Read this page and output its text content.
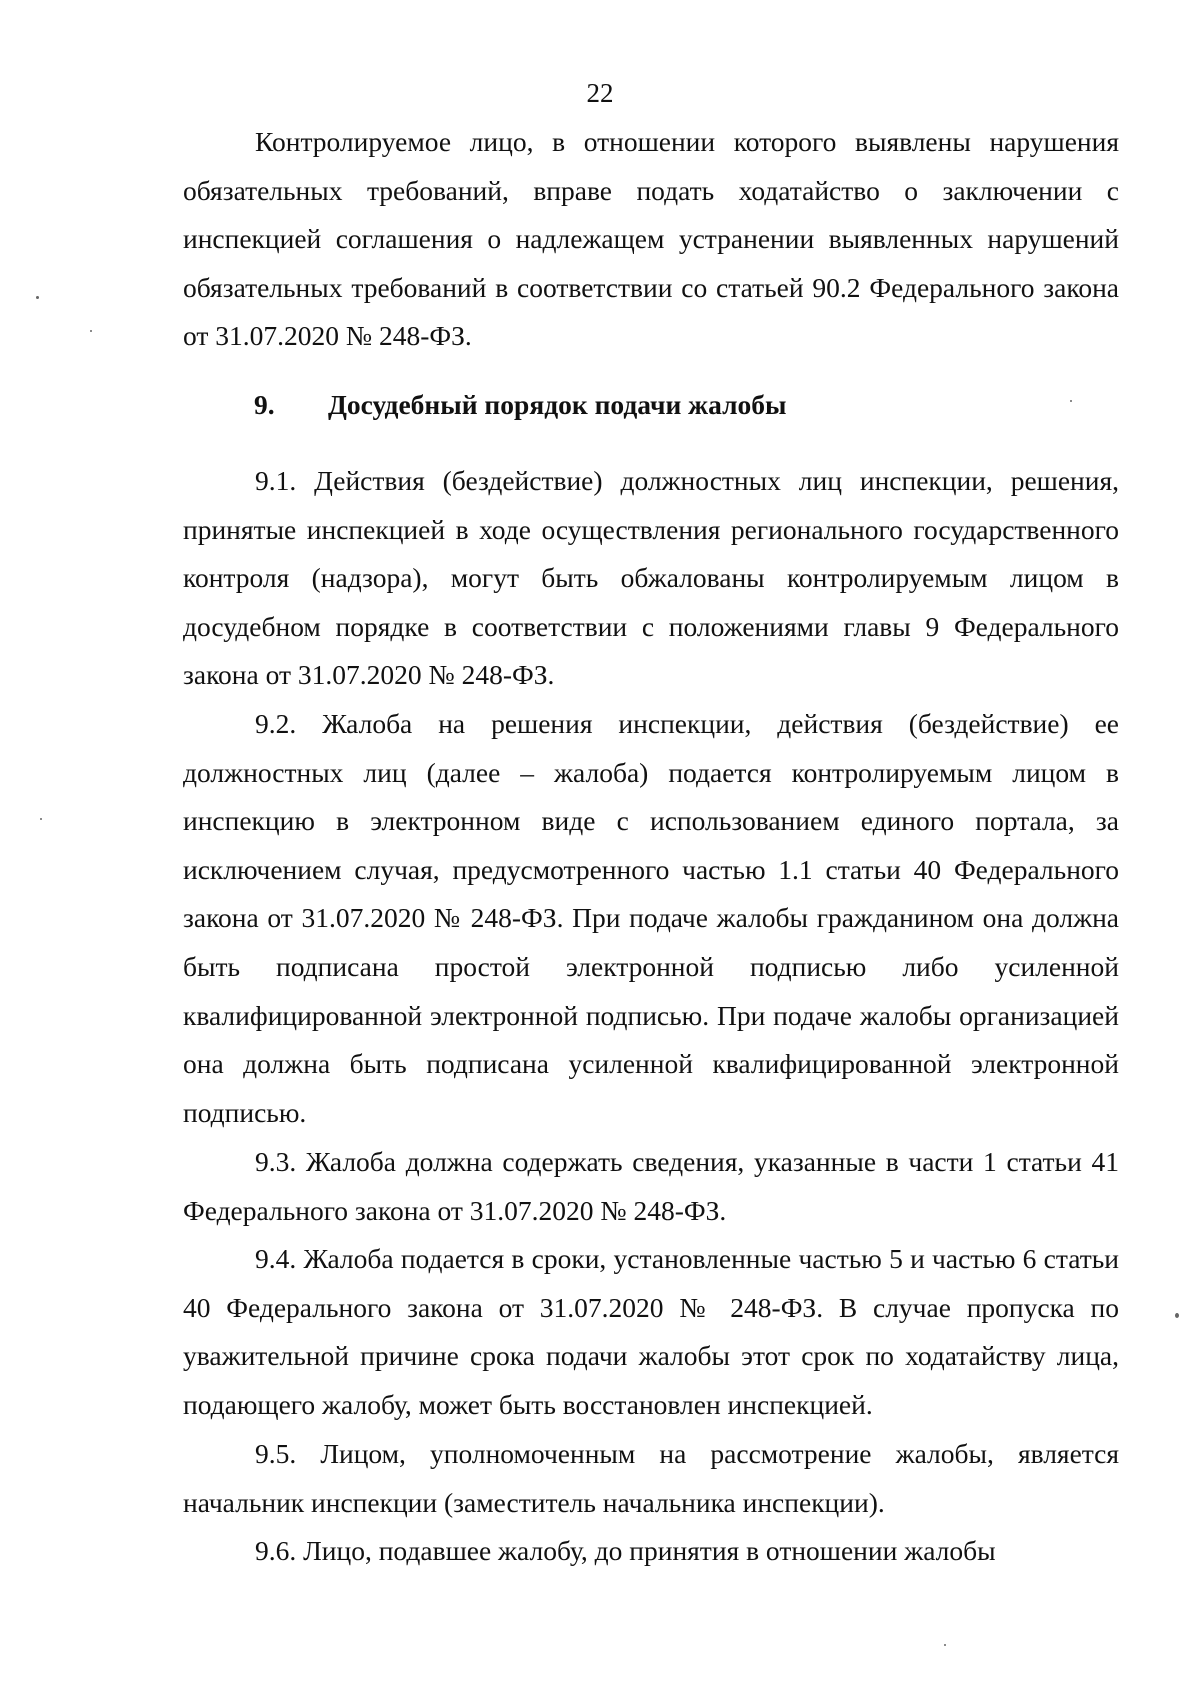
22

Контролируемое лицо, в отношении которого выявлены нарушения обязательных требований, вправе подать ходатайство о заключении с инспекцией соглашения о надлежащем устранении выявленных нарушений обязательных требований в соответствии со статьей 90.2 Федерального закона от 31.07.2020 № 248-ФЗ.

9. Досудебный порядок подачи жалобы

9.1. Действия (бездействие) должностных лиц инспекции, решения, принятые инспекцией в ходе осуществления регионального государственного контроля (надзора), могут быть обжалованы контролируемым лицом в досудебном порядке в соответствии с положениями главы 9 Федерального закона от 31.07.2020 № 248-ФЗ.

9.2. Жалоба на решения инспекции, действия (бездействие) ее должностных лиц (далее – жалоба) подается контролируемым лицом в инспекцию в электронном виде с использованием единого портала, за исключением случая, предусмотренного частью 1.1 статьи 40 Федерального закона от 31.07.2020 № 248-ФЗ. При подаче жалобы гражданином она должна быть подписана простой электронной подписью либо усиленной квалифицированной электронной подписью. При подаче жалобы организацией она должна быть подписана усиленной квалифицированной электронной подписью.

9.3. Жалоба должна содержать сведения, указанные в части 1 статьи 41 Федерального закона от 31.07.2020 № 248-ФЗ.

9.4. Жалоба подается в сроки, установленные частью 5 и частью 6 статьи 40 Федерального закона от 31.07.2020 № 248-ФЗ. В случае пропуска по уважительной причине срока подачи жалобы этот срок по ходатайству лица, подающего жалобу, может быть восстановлен инспекцией.

9.5. Лицом, уполномоченным на рассмотрение жалобы, является начальник инспекции (заместитель начальника инспекции).

9.6. Лицо, подавшее жалобу, до принятия в отношении жалобы
